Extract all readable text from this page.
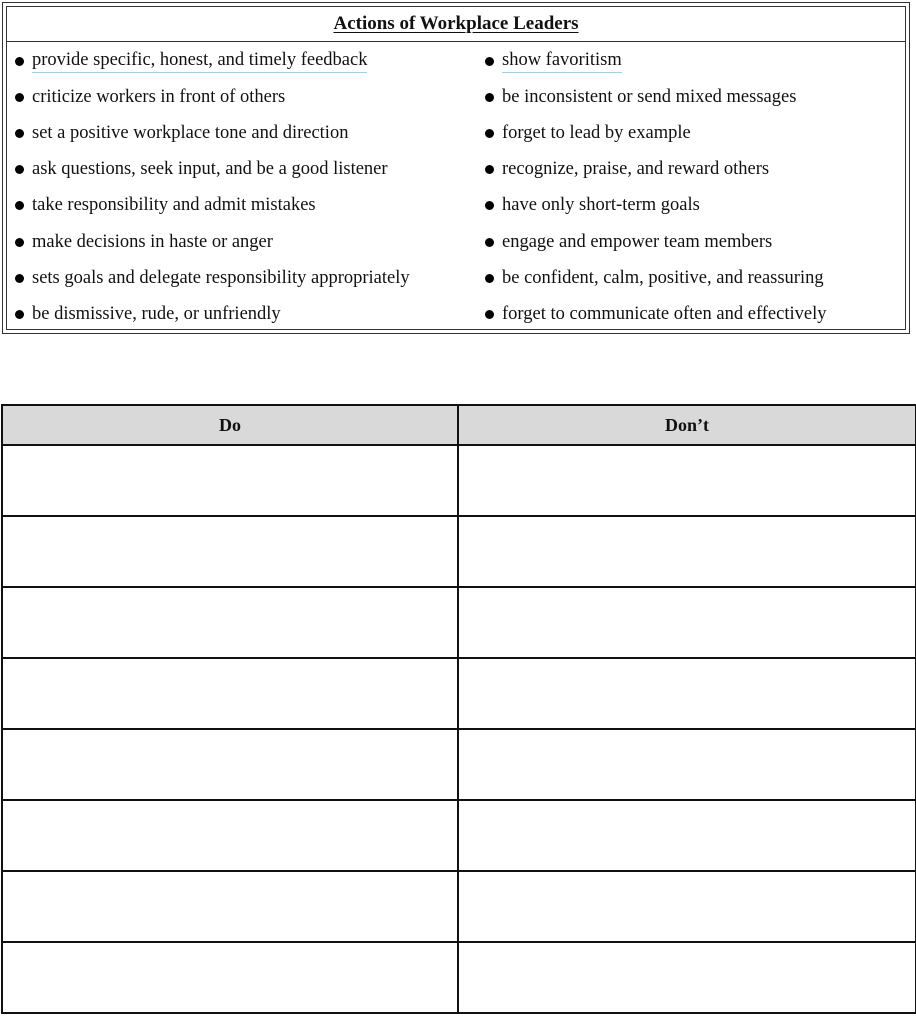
Actions of Workplace Leaders
provide specific, honest, and timely feedback
criticize workers in front of others
set a positive workplace tone and direction
ask questions, seek input, and be a good listener
take responsibility and admit mistakes
make decisions in haste or anger
sets goals and delegate responsibility appropriately
be dismissive, rude, or unfriendly
show favoritism
be inconsistent or send mixed messages
forget to lead by example
recognize, praise, and reward others
have only short-term goals
engage and empower team members
be confident, calm, positive, and reassuring
forget to communicate often and effectively
Do	Don’t
